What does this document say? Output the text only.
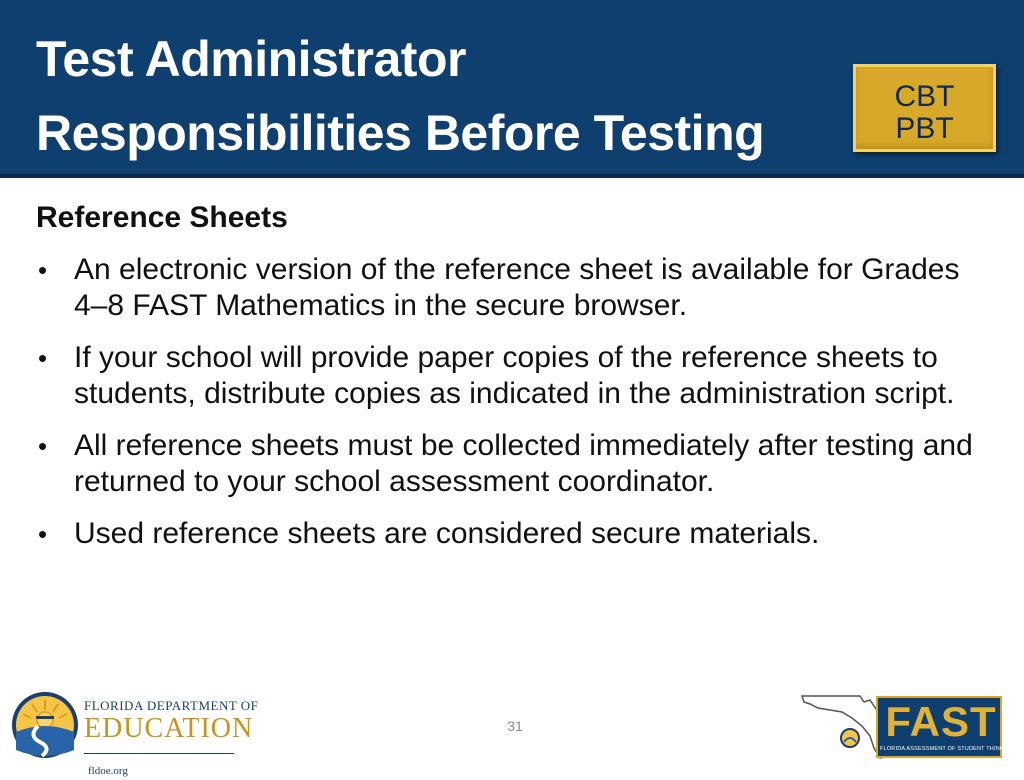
Test Administrator
Responsibilities Before Testing
CBT
PBT
Reference Sheets
• An electronic version of the reference sheet is available for Grades 4–8 FAST Mathematics in the secure browser.
• If your school will provide paper copies of the reference sheets to students, distribute copies as indicated in the administration script.
• All reference sheets must be collected immediately after testing and returned to your school assessment coordinator.
• Used reference sheets are considered secure materials.
FLORIDA DEPARTMENT OF
EDUCATION
fldoe.org
31	FAST
FLORIDA ASSESSMENT OF STUDENT THINKING
